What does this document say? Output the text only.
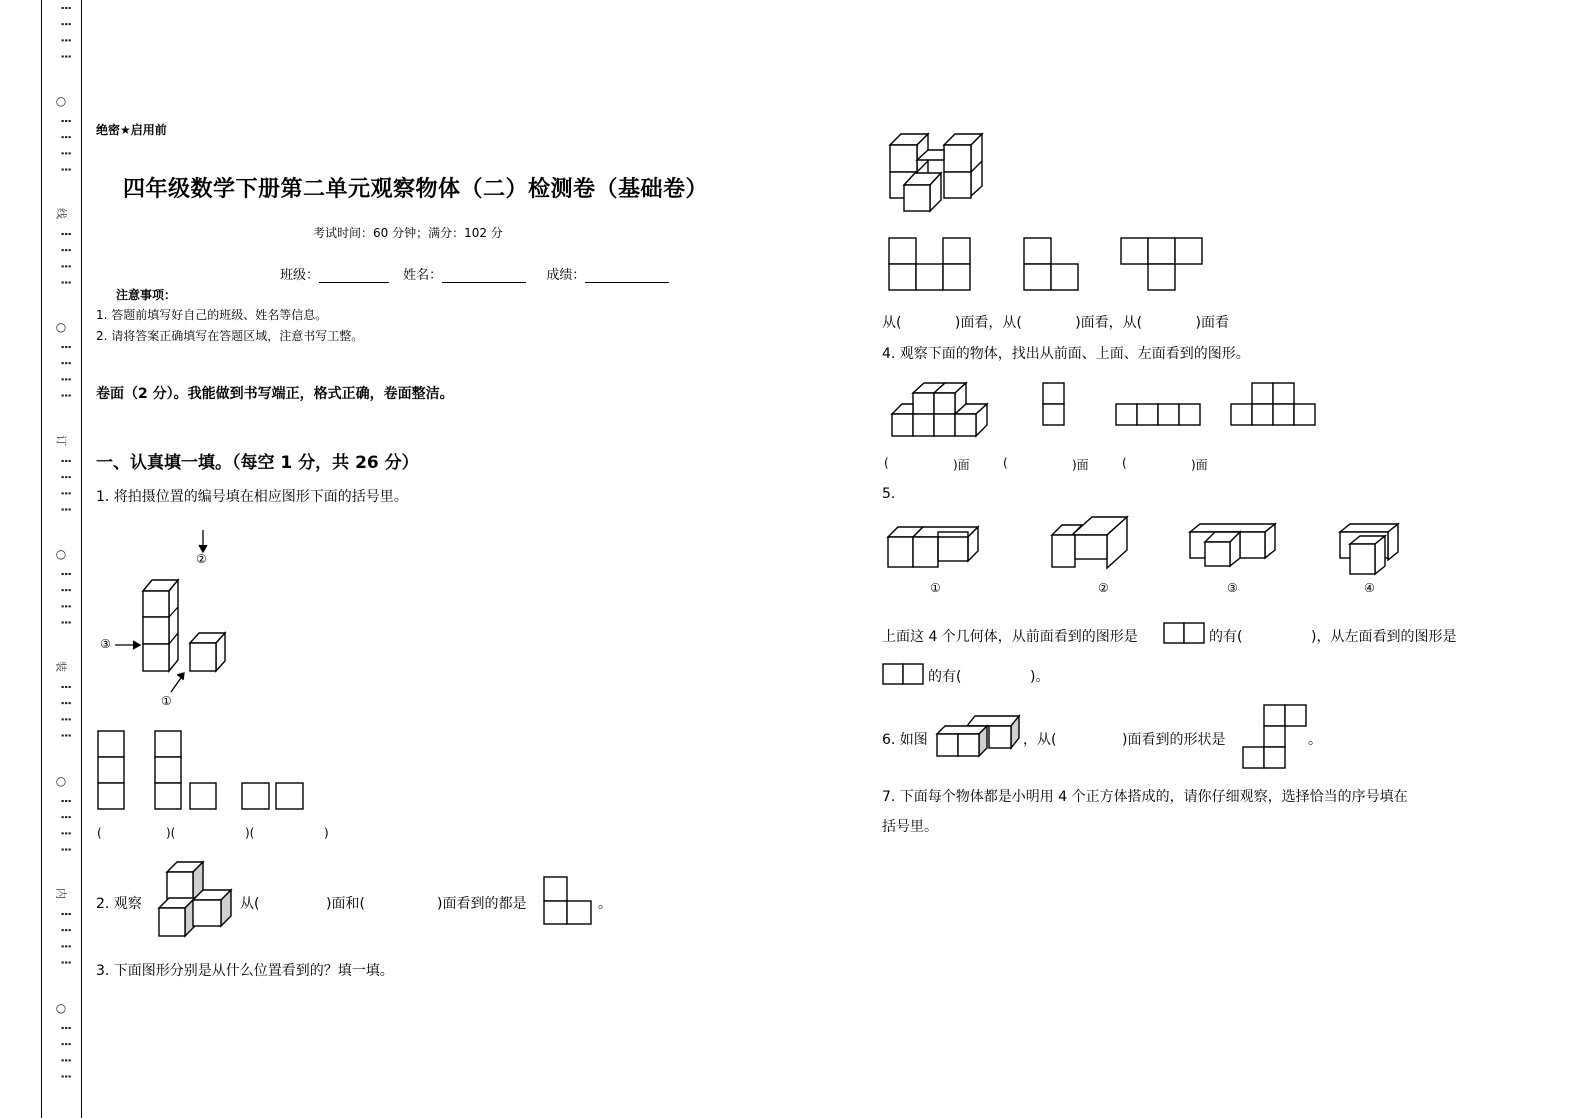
⋮ ⋮ ⋮ ⋮
○
⋮ ⋮ ⋮ ⋮
线
⋮ ⋮ ⋮ ⋮
○
⋮ ⋮ ⋮ ⋮
订
⋮ ⋮ ⋮ ⋮
○
⋮ ⋮ ⋮ ⋮
装
⋮ ⋮ ⋮ ⋮
○
⋮ ⋮ ⋮ ⋮
内
⋮ ⋮ ⋮ ⋮
○
⋮ ⋮ ⋮ ⋮
绝密★启用前
四年级数学下册第二单元观察物体（二）检测卷（基础卷）
考试时间：60 分钟；满分：102 分
班级：	姓名：	成绩：
注意事项：
1. 答题前填写好自己的班级、姓名等信息。
2. 请将答案正确填写在答题区域，注意书写工整。
卷面（2 分）。我能做到书写端正，格式正确，卷面整洁。
一、认真填一填。（每空 1 分，共 26 分）
1. 将拍摄位置的编号填在相应图形下面的括号里。
②
③
①
(	)(	)(	)
2. 观察	从(	)面和(	)面看到的都是	。
3. 下面图形分别是从什么位置看到的？填一填。
从(            )面看，从(            )面看，从(            )面看
4. 观察下面的物体，找出从前面、上面、左面看到的图形。
(	)面	(	)面	(	)面
5.
①	②	③	④
上面这 4 个几何体，从前面看到的图形是	的有(	)，从左面看到的图形是
的有(	)。
6. 如图	，从(	)面看到的形状是	。
7. 下面每个物体都是小明用 4 个正方体搭成的，请你仔细观察，选择恰当的序号填在
括号里。
